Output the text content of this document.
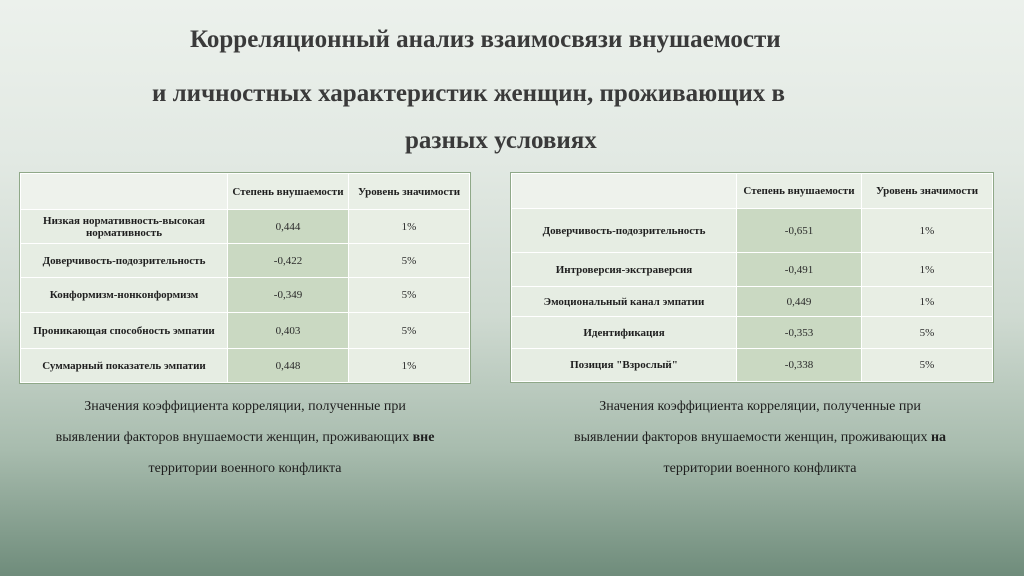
Корреляционный анализ взаимосвязи внушаемости
и личностных характеристик женщин, проживающих в
разных условиях
	Степень внушаемости	Уровень значимости
Низкая нормативность-высокая нормативность	0,444	1%
Доверчивость-подозрительность	-0,422	5%
Конформизм-нонконформизм	-0,349	5%
Проникающая способность эмпатии	0,403	5%
Суммарный показатель эмпатии	0,448	1%
	Степень внушаемости	Уровень значимости
Доверчивость-подозрительность	-0,651	1%
Интроверсия-экстраверсия	-0,491	1%
Эмоциональный канал эмпатии	0,449	1%
Идентификация	-0,353	5%
Позиция "Взрослый"	-0,338	5%
Значения коэффициента корреляции, полученные при
выявлении факторов внушаемости женщин, проживающих вне
территории военного конфликта
Значения коэффициента корреляции, полученные при
выявлении факторов внушаемости женщин, проживающих на
территории военного конфликта
